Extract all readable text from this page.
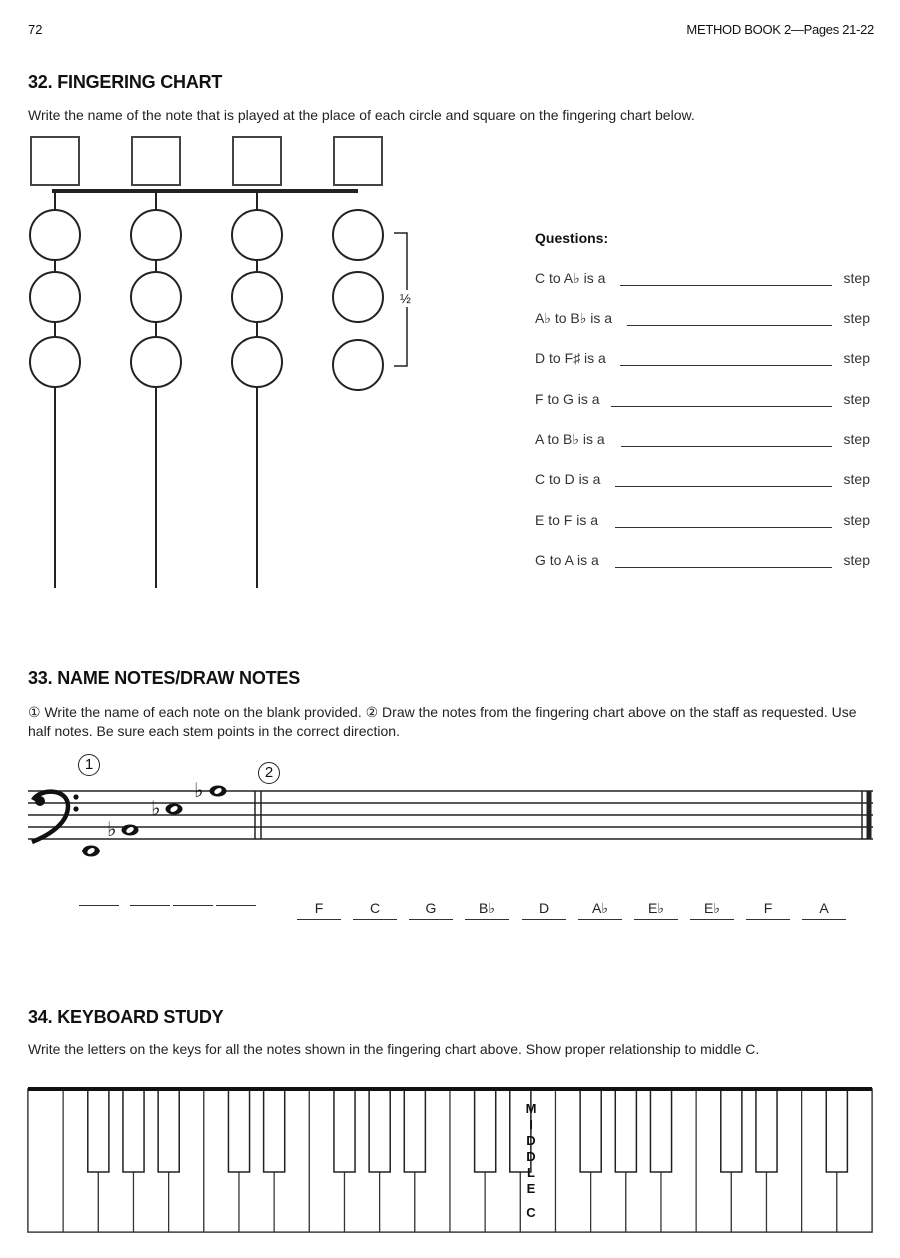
72	METHOD BOOK 2—Pages 21-22
32. FINGERING CHART
Write the name of the note that is played at the place of each circle and square on the fingering chart below.
½
Questions:
C to A♭ is a	step
A♭ to B♭ is a	step
D to F♯ is a	step
F to G is a	step
A to B♭ is a	step
C to D is a	step
E to F is a	step
G to A is a	step
33. NAME NOTES/DRAW NOTES
① Write the name of each note on the blank provided. ② Draw the notes from the fingering chart above on the staff as requested. Use half notes. Be sure each stem points in the correct direction.
1	2
♭
♭
♭
F	C	G	B♭	D	A♭	E♭	E♭	F	A
34. KEYBOARD STUDY
Write the letters on the keys for all the notes shown in the fingering chart above. Show proper relationship to middle C.
MIDDLE
C
